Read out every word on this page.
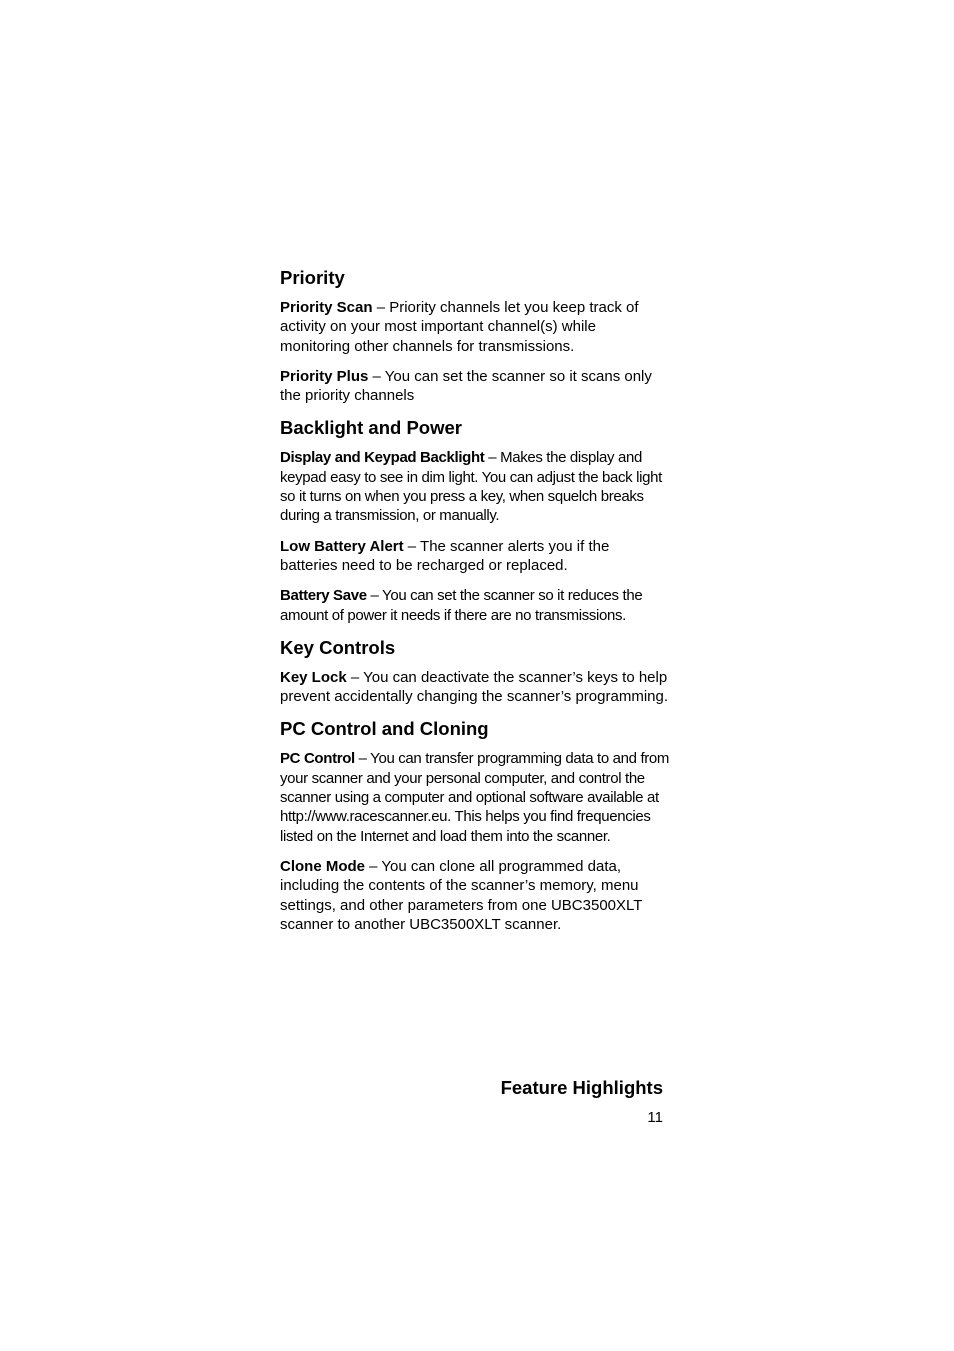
Priority

Priority Scan – Priority channels let you keep track of activity on your most important channel(s) while monitoring other channels for transmissions.

Priority Plus – You can set the scanner so it scans only the priority channels

Backlight and Power

Display and Keypad Backlight – Makes the display and keypad easy to see in dim light. You can adjust the back light so it turns on when you press a key, when squelch breaks during a transmission, or manually.

Low Battery Alert – The scanner alerts you if the batteries need to be recharged or replaced.

Battery Save – You can set the scanner so it reduces the amount of power it needs if there are no transmissions.

Key Controls

Key Lock – You can deactivate the scanner’s keys to help prevent accidentally changing the scanner’s programming.

PC Control and Cloning

PC Control – You can transfer programming data to and from your scanner and your personal computer, and control the scanner using a computer and optional software available at http://www.racescanner.eu. This helps you find frequencies listed on the Internet and load them into the scanner.

Clone Mode – You can clone all programmed data, including the contents of the scanner’s memory, menu settings, and other parameters from one UBC3500XLT scanner to another UBC3500XLT scanner.

Feature Highlights
11
